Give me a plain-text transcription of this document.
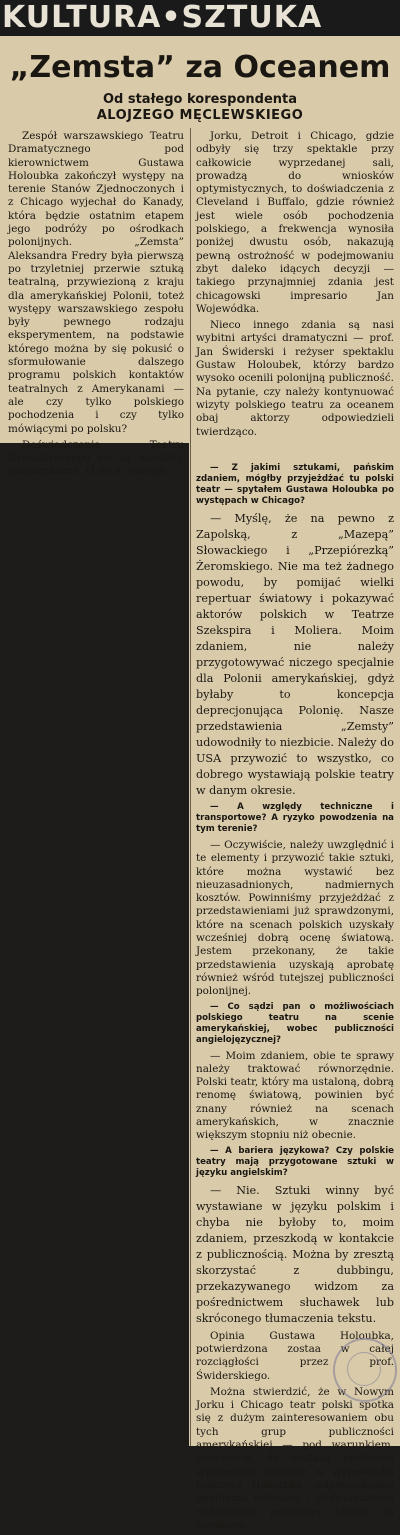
KULTURA•SZTUKA
„Zemsta” za Oceanem
Od stałego korespondenta
ALOJZEGO MĘCLEWSKIEGO

Zespół warszawskiego Teatru Dramatycznego pod kierownictwem Gustawa Holoubka zakończył występy na terenie Stanów Zjednoczonych i z Chicago wyjechał do Kanady, która będzie ostatnim etapem jego podróży po ośrodkach polonijnych. „Zemsta” Aleksandra Fredry była pierwszą po trzyletniej przerwie sztuką teatralną, przywiezioną z kraju dla amerykańskiej Polonii, toteż występy warszawskiego zespołu były pewnego rodzaju eksperymentem, na podstawie którego można by się pokusić o sformułowanie dalszego programu polskich kontaktów teatralnych z Amerykanami — ale czy tylko polskiego pochodzenia i czy tylko mówiącymi po polsku?

Doświadczenia Teatru Dramatycznego nie są, niestety, jednoznaczne. O ile w Nowym

Jorku, Detroit i Chicago, gdzie odbyły się trzy spektakle przy całkowicie wyprzedanej sali, prowadzą do wniosków optymistycznych, to doświadczenia z Cleveland i Buffalo, gdzie również jest wiele osób pochodzenia polskiego, a frekwencja wynosiła poniżej dwustu osób, nakazują pewną ostrożność w podejmowaniu zbyt daleko idących decyzji — takiego przynajmniej zdania jest chicagowski impresario Jan Wojewódka.

Nieco innego zdania są nasi wybitni artyści dramatyczni — prof. Jan Świderski i reżyser spektaklu Gustaw Holoubek, którzy bardzo wysoko ocenili polonijną publiczność. Na pytanie, czy należy kontynuować wizyty polskiego teatru za oceanem obaj aktorzy odpowiedzieli twierdząco.

— Z jakimi sztukami, pańskim zdaniem, mógłby przyjeżdżać tu polski teatr — spytałem Gustawa Holoubka po występach w Chicago?

— Myślę, że na pewno z Zapolską, z „Mazepą” Słowackiego i „Przepiórezką” Żeromskiego. Nie ma też żadnego powodu, by pomijać wielki repertuar światowy i pokazywać aktorów polskich w Teatrze Szekspira i Moliera. Moim zdaniem, nie należy przygotowywać niczego specjalnie dla Polonii amerykańskiej, gdyż byłaby to koncepcja deprecjonująca Polonię. Nasze przedstawienia „Zemsty” udowodniły to niezbicie. Należy do USA przywozić to wszystko, co dobrego wystawiają polskie teatry w danym okresie.

— A względy techniczne i transportowe? A ryzyko powodzenia na tym terenie?

— Oczywiście, należy uwzględnić i te elementy i przywozić takie sztuki, które można wystawić bez nieuzasadnionych, nadmiernych kosztów. Powinniśmy przyjeżdżać z przedstawieniami już sprawdzonymi, które na scenach polskich uzyskały wcześniej dobrą ocenę światową. Jestem przekonany, że takie przedstawienia uzyskają aprobatę również wśród tutejszej publiczności polonijnej.

— Co sądzi pan o możliwościach polskiego teatru na scenie amerykańskiej, wobec publiczności angielojęzycznej?

— Moim zdaniem, obie te sprawy należy traktować równorzędnie. Polski teatr, który ma ustaloną, dobrą renomę światową, powinien być znany również na scenach amerykańskich, w znacznie większym stopniu niż obecnie.

— A bariera językowa? Czy polskie teatry mają przygotowane sztuki w języku angielskim?

— Nie. Sztuki winny być wystawiane w języku polskim i chyba nie byłoby to, moim zdaniem, przeszkodą w kontakcie z publicznością. Można by zresztą skorzystać z dubbingu, przekazywanego widzom za pośrednictwem słuchawek lub skróconego tłumaczenia tekstu.

Opinia Gustawa Holoubka, potwierdzona zostaa w całej rozciągłości przez prof. Świderskiego.

Można stwierdzić, że w Nowym Jorku i Chicago teatr polski spotka się z dużym zainteresowaniem obu tych grup publiczności amerykańskiej — pod warunkiem, oczywiście, że zostaną spełnione wymagania zawarte w wypowiedzi Gustawa Holoubka, odpowiadające ogólnemu odczuciu i doświadczeniu miłośników polskiego teatru za oceanem.
